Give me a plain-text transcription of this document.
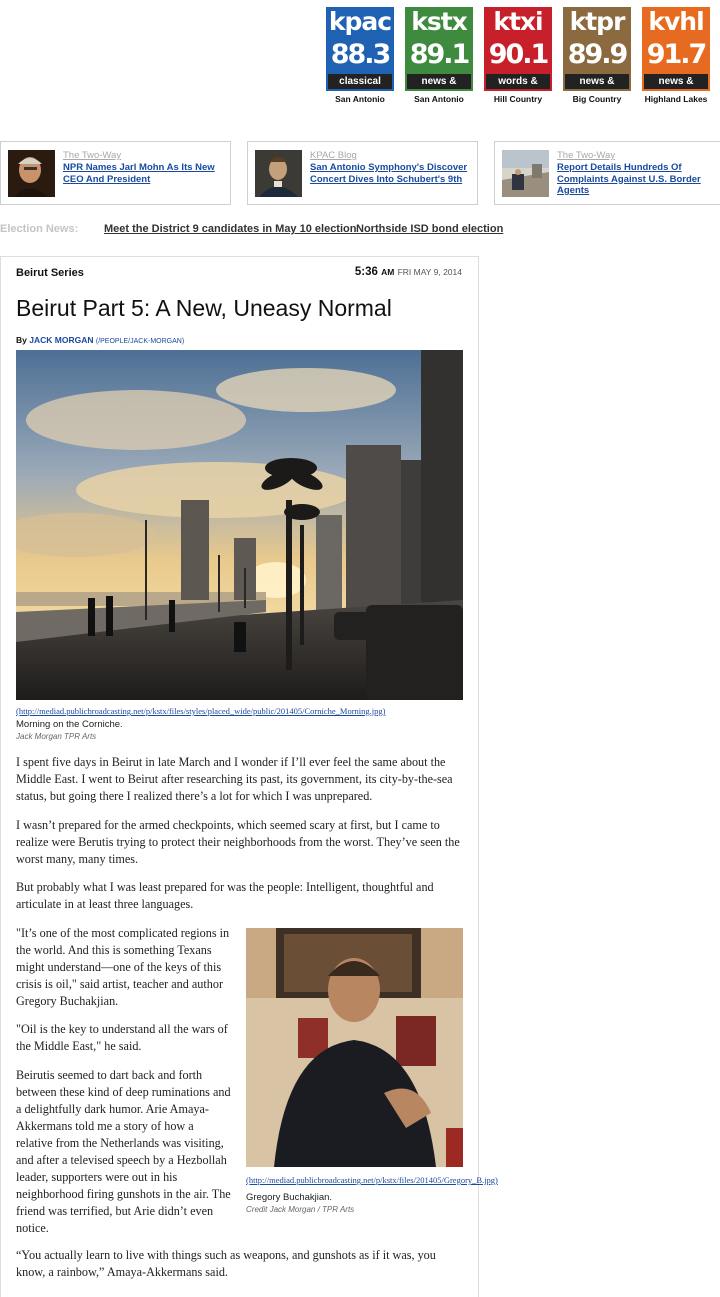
kpac
88.3
classical
San Antonio
kstx
89.1
news &
San Antonio
ktxi
90.1
words &
Hill Country
ktpr
89.9
news &
Big Country
kvhl
91.7
news &
Highland Lakes
The Two-Way
NPR Names Jarl Mohn As Its New CEO And President
KPAC Blog
San Antonio Symphony's Discover Concert Dives Into Schubert's 9th
The Two-Way
Report Details Hundreds Of Complaints Against U.S. Border Agents
Election News: Meet the District 9 candidates in May 10 election Northside ISD bond election
Beirut Series	5:36 AM FRI MAY 9, 2014
Beirut Part 5: A New, Uneasy Normal
By JACK MORGAN (/PEOPLE/JACK-MORGAN)
(http://mediad.publicbroadcasting.net/p/kstx/files/styles/placed_wide/public/201405/Corniche_Morning.jpg)
Morning on the Corniche.
Jack Morgan TPR Arts

I spent five days in Beirut in late March and I wonder if I’ll ever feel the same about the Middle East. I went to Beirut after researching its past, its government, its city-by-the-sea status, but going there I realized there’s a lot for which I was unprepared.

I wasn’t prepared for the armed checkpoints, which seemed scary at first, but I came to realize were Berutis trying to protect their neighborhoods from the worst. They’ve seen the worst many, many times.

But probably what I was least prepared for was the people: Intelligent, thoughtful and articulate in at least three languages.

"It’s one of the most complicated regions in the world. And this is something Texans might understand—one of the keys of this crisis is oil," said artist, teacher and author Gregory Buchakjian.

"Oil is the key to understand all the wars of the Middle East," he said.

Beirutis seemed to dart back and forth between these kind of deep ruminations and a delightfully dark humor. Arie Amaya-Akkermans told me a story of how a relative from the Netherlands was visiting, and after a televised speech by a Hezbollah leader, supporters were out in his neighborhood firing gunshots in the air. The friend was terrified, but Arie didn’t even notice.

(http://mediad.publicbroadcasting.net/p/kstx/files/201405/Gregory_B.jpg)
Gregory Buchakjian.
Credit Jack Morgan / TPR Arts

“You actually learn to live with things such as weapons, and gunshots as if it was, you know, a rainbow,” Amaya-Akkermans said.
